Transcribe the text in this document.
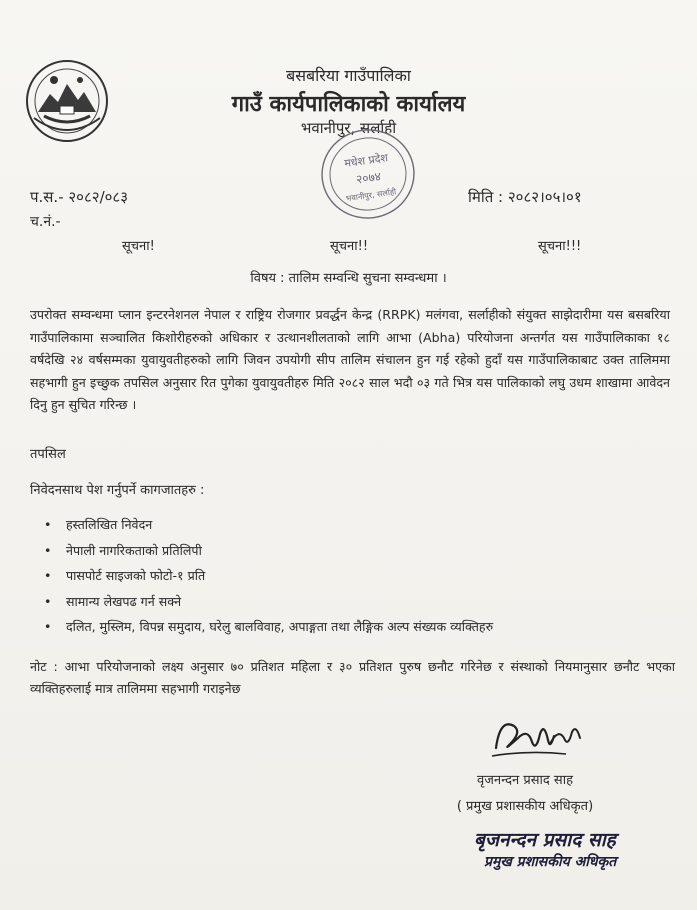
बसबरिया गाउँपालिका
गाउँ कार्यपालिकाको कार्यालय
भवानीपुर, सर्लाही
मधेश प्रदेश
२०७४
भवानीपुर, सर्लाही
प.स.- २०८२/०८३
च.नं.-
मिति : २०८२।०५।०१
सूचना!	सूचना!!	सूचना!!!
विषय : तालिम सम्वन्धि सुचना सम्वन्धमा ।
उपरोक्त सम्वन्धमा प्लान इन्टरनेशनल नेपाल र राष्ट्रिय रोजगार प्रवर्द्धन केन्द्र (RRPK) मलंगवा, सर्लाहीको संयुक्त साझेदारीमा यस बसबरिया गाउँपालिकामा सञ्चालित किशोरीहरुको अधिकार र उत्थानशीलताको लागि आभा (Abha) परियोजना अन्तर्गत यस गाउँपालिकाका १८ वर्षदेखि २४ वर्षसम्मका युवायुवतीहरुको लागि जिवन उपयोगी सीप तालिम संचालन हुन गई रहेको हुदाँ यस गाउँपालिकाबाट उक्त तालिममा सहभागी हुन इच्छुक तपसिल अनुसार रित पुगेका युवायुवतीहरु मिति २०८२ साल भदौ ०३ गते भित्र यस पालिकाको लघु उधम शाखामा आवेदन दिनु हुन सुचित गरिन्छ ।
तपसिल
निवेदनसाथ पेश गर्नुपर्ने कागजातहरु :
• हस्तलिखित निवेदन
• नेपाली नागरिकताको प्रतिलिपी
• पासपोर्ट साइजको फोटो-१ प्रति
• सामान्य लेखपढ गर्न सक्ने
• दलित, मुस्लिम, विपन्न समुदाय, घरेलु बालविवाह, अपाङ्गता तथा लैङ्गिक अल्प संख्यक व्यक्तिहरु
नोट : आभा परियोजनाको लक्ष्य अनुसार ७० प्रतिशत महिला र ३० प्रतिशत पुरुष छनौट गरिनेछ र संस्थाको नियमानुसार छनौट भएका व्यक्तिहरुलाई मात्र तालिममा सहभागी गराइनेछ
वृजनन्दन प्रसाद साह
( प्रमुख प्रशासकीय अधिकृत)
बृजनन्दन प्रसाद साह
प्रमुख प्रशासकीय अधिकृत
